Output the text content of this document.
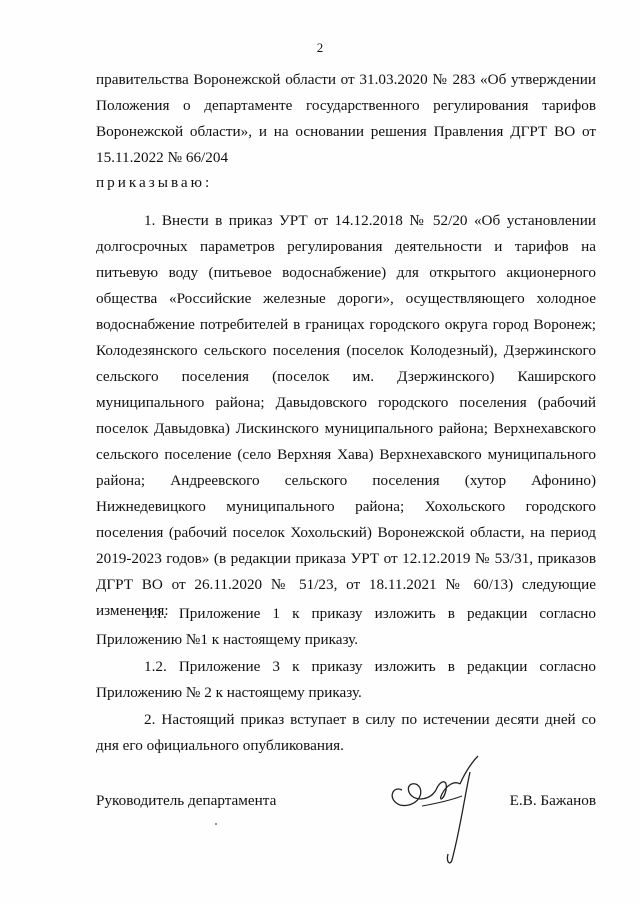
2

правительства Воронежской области от 31.03.2020 № 283 «Об утверждении Положения о департаменте государственного регулирования тарифов Воронежской области», и на основании решения Правления ДГРТ ВО от 15.11.2022 № 66/204

приказываю:

1. Внести в приказ УРТ от 14.12.2018 № 52/20 «Об установлении долгосрочных параметров регулирования деятельности и тарифов на питьевую воду (питьевое водоснабжение) для открытого акционерного общества «Российские железные дороги», осуществляющего холодное водоснабжение потребителей в границах городского округа город Воронеж; Колодезянского сельского поселения (поселок Колодезный), Дзержинского сельского поселения (поселок им. Дзержинского) Каширского муниципального района; Давыдовского городского поселения (рабочий поселок Давыдовка) Лискинского муниципального района; Верхнехавского сельского поселение (село Верхняя Хава) Верхнехавского муниципального района; Андреевского сельского поселения (хутор Афонино) Нижнедевицкого муниципального района; Хохольского городского поселения (рабочий поселок Хохольский) Воронежской области, на период 2019-2023 годов» (в редакции приказа УРТ от 12.12.2019 № 53/31, приказов ДГРТ ВО от 26.11.2020 № 51/23, от 18.11.2021 № 60/13) следующие изменения:

1.1. Приложение 1 к приказу изложить в редакции согласно Приложению №1 к настоящему приказу.

1.2. Приложение 3 к приказу изложить в редакции согласно Приложению № 2 к настоящему приказу.

2. Настоящий приказ вступает в силу по истечении десяти дней со дня его официального опубликования.

Руководитель департамента	Е.В. Бажанов
